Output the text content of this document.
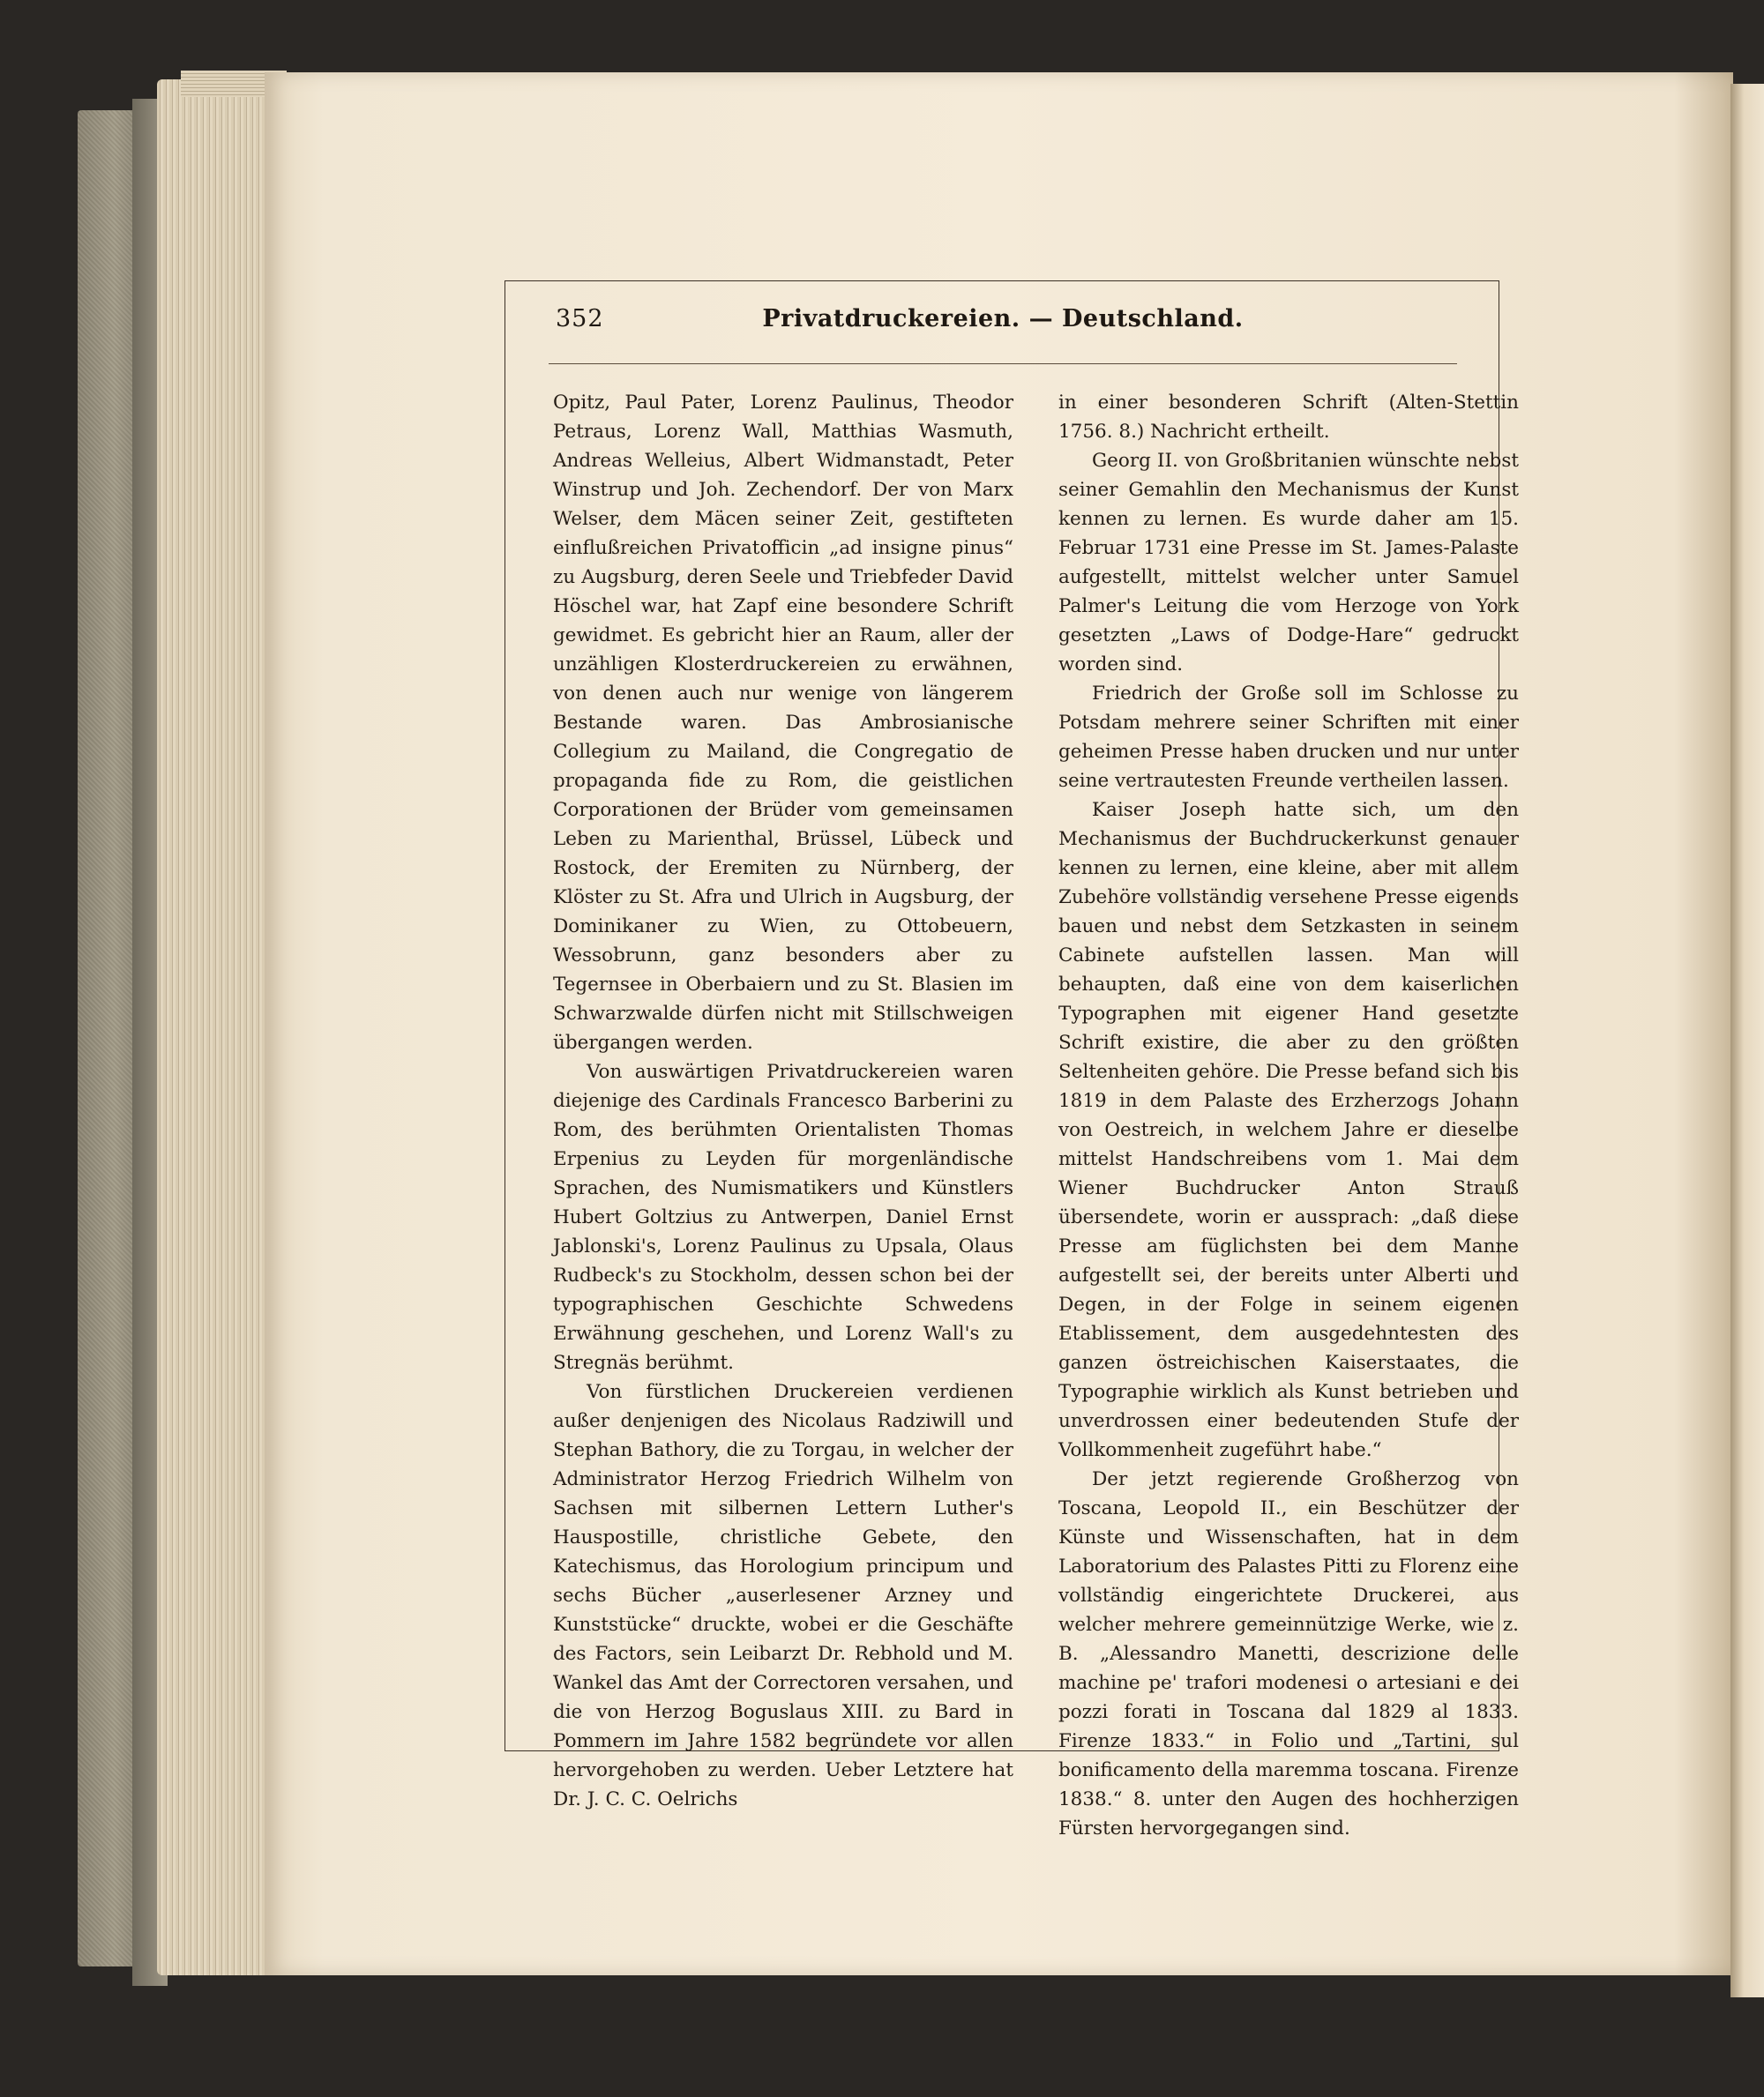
352	Privatdruckereien. — Deutschland.

Opitz, Paul Pater, Lorenz Paulinus, Theodor Petraus, Lorenz Wall, Matthias Wasmuth, Andreas Welleius, Albert Widmanstadt, Peter Winstrup und Joh. Zechendorf. Der von Marx Welser, dem Mäcen seiner Zeit, gestifteten einflußreichen Privatofficin „ad insigne pinus“ zu Augsburg, deren Seele und Triebfeder David Höschel war, hat Zapf eine besondere Schrift gewidmet. Es gebricht hier an Raum, aller der unzähligen Klosterdruckereien zu erwähnen, von denen auch nur wenige von längerem Bestande waren. Das Ambrosianische Collegium zu Mailand, die Congregatio de propaganda fide zu Rom, die geistlichen Corporationen der Brüder vom gemeinsamen Leben zu Marienthal, Brüssel, Lübeck und Rostock, der Eremiten zu Nürnberg, der Klöster zu St. Afra und Ulrich in Augsburg, der Dominikaner zu Wien, zu Ottobeuern, Wessobrunn, ganz besonders aber zu Tegernsee in Oberbaiern und zu St. Blasien im Schwarzwalde dürfen nicht mit Stillschweigen übergangen werden.

Von auswärtigen Privatdruckereien waren diejenige des Cardinals Francesco Barberini zu Rom, des berühmten Orientalisten Thomas Erpenius zu Leyden für morgenländische Sprachen, des Numismatikers und Künstlers Hubert Goltzius zu Antwerpen, Daniel Ernst Jablonski's, Lorenz Paulinus zu Upsala, Olaus Rudbeck's zu Stockholm, dessen schon bei der typographischen Geschichte Schwedens Erwähnung geschehen, und Lorenz Wall's zu Stregnäs berühmt.

Von fürstlichen Druckereien verdienen außer denjenigen des Nicolaus Radziwill und Stephan Bathory, die zu Torgau, in welcher der Administrator Herzog Friedrich Wilhelm von Sachsen mit silbernen Lettern Luther's Hauspostille, christliche Gebete, den Katechismus, das Horologium principum und sechs Bücher „auserlesener Arzney und Kunststücke“ druckte, wobei er die Geschäfte des Factors, sein Leibarzt Dr. Rebhold und M. Wankel das Amt der Correctoren versahen, und die von Herzog Boguslaus XIII. zu Bard in Pommern im Jahre 1582 begründete vor allen hervorgehoben zu werden. Ueber Letztere hat Dr. J. C. C. Oelrichs

in einer besonderen Schrift (Alten-Stettin 1756. 8.) Nachricht ertheilt.

Georg II. von Großbritanien wünschte nebst seiner Gemahlin den Mechanismus der Kunst kennen zu lernen. Es wurde daher am 15. Februar 1731 eine Presse im St. James-Palaste aufgestellt, mittelst welcher unter Samuel Palmer's Leitung die vom Herzoge von York gesetzten „Laws of Dodge-Hare“ gedruckt worden sind.

Friedrich der Große soll im Schlosse zu Potsdam mehrere seiner Schriften mit einer geheimen Presse haben drucken und nur unter seine vertrautesten Freunde vertheilen lassen.

Kaiser Joseph hatte sich, um den Mechanismus der Buchdruckerkunst genauer kennen zu lernen, eine kleine, aber mit allem Zubehöre vollständig versehene Presse eigends bauen und nebst dem Setzkasten in seinem Cabinete aufstellen lassen. Man will behaupten, daß eine von dem kaiserlichen Typographen mit eigener Hand gesetzte Schrift existire, die aber zu den größten Seltenheiten gehöre. Die Presse befand sich bis 1819 in dem Palaste des Erzherzogs Johann von Oestreich, in welchem Jahre er dieselbe mittelst Handschreibens vom 1. Mai dem Wiener Buchdrucker Anton Strauß übersendete, worin er aussprach: „daß diese Presse am füglichsten bei dem Manne aufgestellt sei, der bereits unter Alberti und Degen, in der Folge in seinem eigenen Etablissement, dem ausgedehntesten des ganzen östreichischen Kaiserstaates, die Typographie wirklich als Kunst betrieben und unverdrossen einer bedeutenden Stufe der Vollkommenheit zugeführt habe.“

Der jetzt regierende Großherzog von Toscana, Leopold II., ein Beschützer der Künste und Wissenschaften, hat in dem Laboratorium des Palastes Pitti zu Florenz eine vollständig eingerichtete Druckerei, aus welcher mehrere gemeinnützige Werke, wie z. B. „Alessandro Manetti, descrizione delle machine pe' trafori modenesi o artesiani e dei pozzi forati in Toscana dal 1829 al 1833. Firenze 1833.“ in Folio und „Tartini, sul bonificamento della maremma toscana. Firenze 1838.“ 8. unter den Augen des hochherzigen Fürsten hervorgegangen sind.
